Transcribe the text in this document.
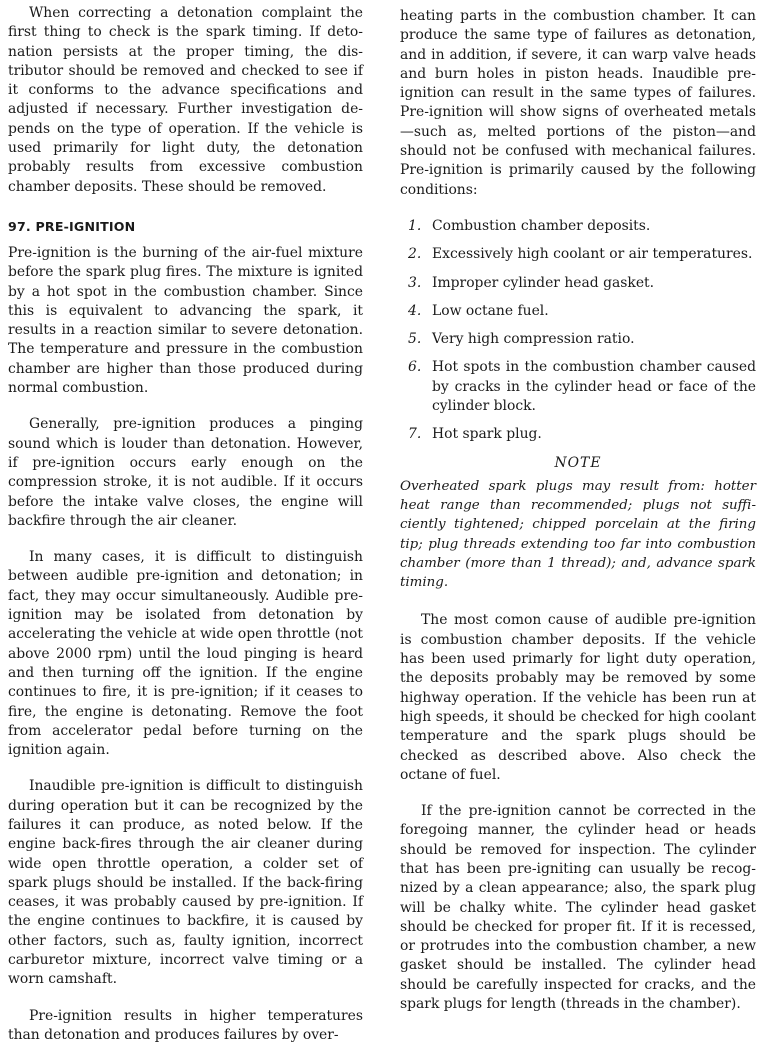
When correcting a detonation complaint the first thing to check is the spark timing. If detonation persists at the proper timing, the distributor should be removed and checked to see if it conforms to the advance specifications and adjusted if necessary. Further investigation depends on the type of operation. If the vehicle is used primarily for light duty, the detonation probably results from excessive combustion chamber deposits. These should be removed.

97. PRE-IGNITION

Pre-ignition is the burning of the air-fuel mixture before the spark plug fires. The mixture is ignited by a hot spot in the combustion chamber. Since this is equivalent to advancing the spark, it results in a reaction similar to severe detonation. The temperature and pressure in the combustion chamber are higher than those produced during normal combustion.

Generally, pre-ignition produces a pinging sound which is louder than detonation. However, if pre-ignition occurs early enough on the compression stroke, it is not audible. If it occurs before the intake valve closes, the engine will backfire through the air cleaner.

In many cases, it is difficult to distinguish between audible pre-ignition and detonation; in fact, they may occur simultaneously. Audible pre-ignition may be isolated from detonation by accelerating the vehicle at wide open throttle (not above 2000 rpm) until the loud pinging is heard and then turning off the ignition. If the engine continues to fire, it is pre-ignition; if it ceases to fire, the engine is detonating. Remove the foot from accelerator pedal before turning on the ignition again.

Inaudible pre-ignition is difficult to distinguish during operation but it can be recognized by the failures it can produce, as noted below. If the engine back-fires through the air cleaner during wide open throttle operation, a colder set of spark plugs should be installed. If the back-firing ceases, it was probably caused by pre-ignition. If the engine continues to backfire, it is caused by other factors, such as, faulty ignition, incorrect carburetor mixture, incorrect valve timing or a worn camshaft.

Pre-ignition results in higher temperatures than detonation and produces failures by over-

heating parts in the combustion chamber. It can produce the same type of failures as detonation, and in addition, if severe, it can warp valve heads and burn holes in piston heads. Inaudible pre-ignition can result in the same types of failures. Pre-ignition will show signs of overheated metals—such as, melted portions of the piston—and should not be confused with mechanical failures. Pre-ignition is primarily caused by the following conditions:

1. Combustion chamber deposits.
2. Excessively high coolant or air temperatures.
3. Improper cylinder head gasket.
4. Low octane fuel.
5. Very high compression ratio.
6. Hot spots in the combustion chamber caused by cracks in the cylinder head or face of the cylinder block.
7. Hot spark plug.
NOTE

Overheated spark plugs may result from: hotter heat range than recommended; plugs not sufficiently tightened; chipped porcelain at the firing tip; plug threads extending too far into combustion chamber (more than 1 thread); and, advance spark timing.

The most comon cause of audible pre-ignition is combustion chamber deposits. If the vehicle has been used primarly for light duty operation, the deposits probably may be removed by some highway operation. If the vehicle has been run at high speeds, it should be checked for high coolant temperature and the spark plugs should be checked as described above. Also check the octane of fuel.

If the pre-ignition cannot be corrected in the foregoing manner, the cylinder head or heads should be removed for inspection. The cylinder that has been pre-igniting can usually be recognized by a clean appearance; also, the spark plug will be chalky white. The cylinder head gasket should be checked for proper fit. If it is recessed, or protrudes into the combustion chamber, a new gasket should be installed. The cylinder head should be carefully inspected for cracks, and the spark plugs for length (threads in the chamber).
